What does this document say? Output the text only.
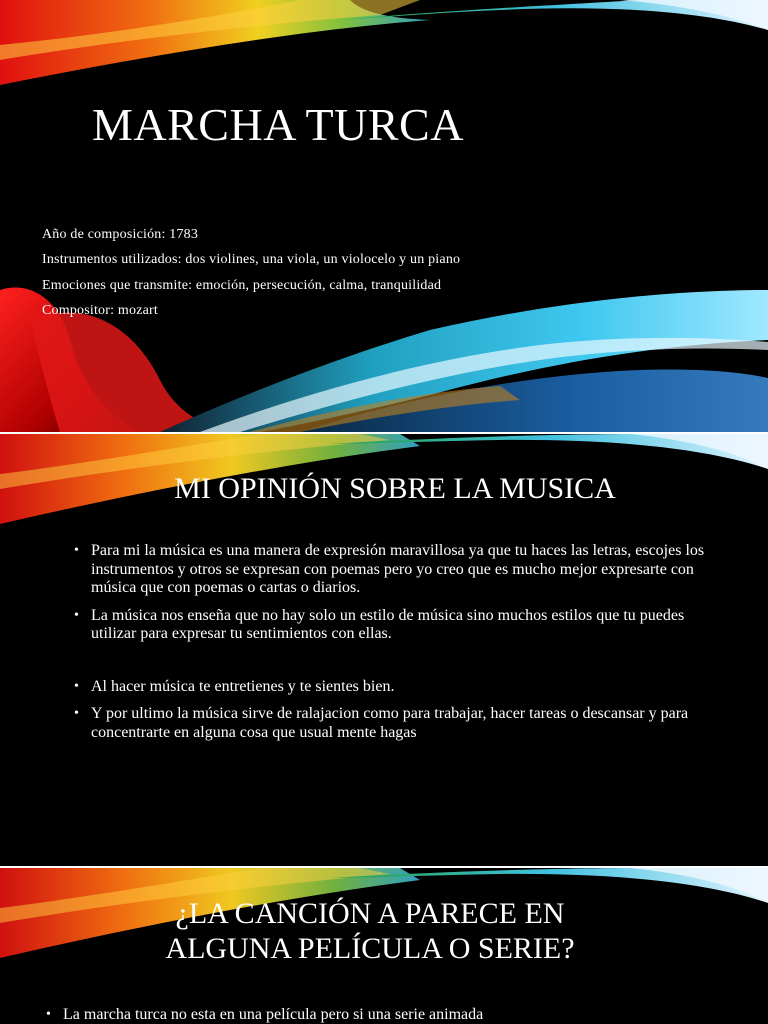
MARCHA TURCA
Año de composición: 1783
Instrumentos utilizados: dos violines, una viola, un violocelo y un piano
Emociones que transmite: emoción, persecución, calma, tranquilidad
Compositor: mozart
MI OPINIÓN SOBRE LA MUSICA
• Para mi la música es una manera de expresión maravillosa ya que tu haces las letras, escojes los instrumentos y otros se expresan con poemas pero yo creo que es mucho mejor expresarte con música que con poemas o cartas o diarios.
• La música nos enseña que no hay solo un estilo de música sino muchos estilos que tu puedes utilizar para expresar tu sentimientos con ellas.
• Al hacer música te entretienes y te sientes bien.
• Y por ultimo la música sirve de ralajacion como para trabajar, hacer tareas o descansar y para concentrarte en alguna cosa que usual mente hagas
¿LA CANCIÓN A PARECE EN
ALGUNA PELÍCULA O SERIE?
• La marcha turca no esta en una película pero si una serie animada
